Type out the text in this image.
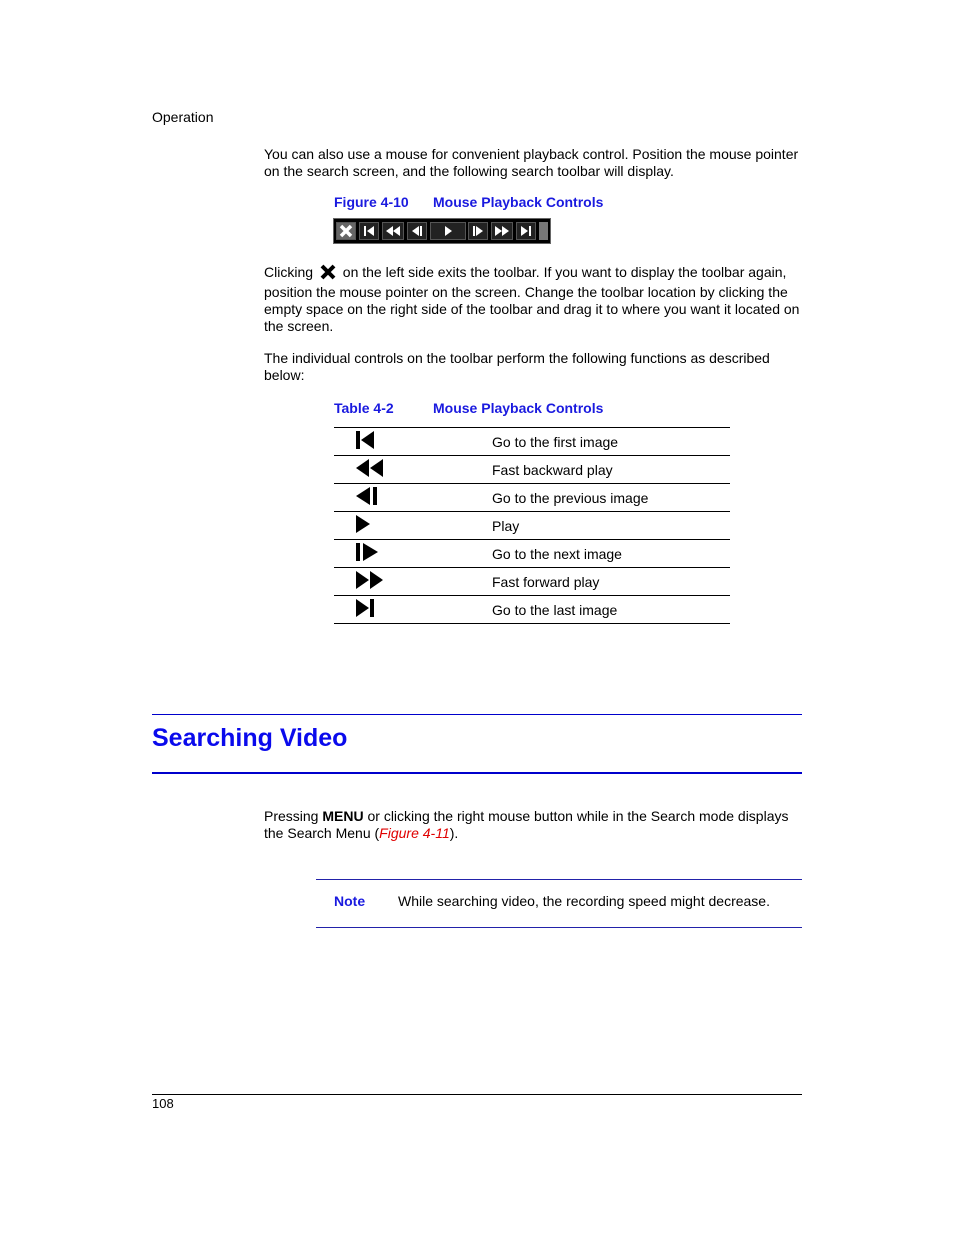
Operation
You can also use a mouse for convenient playback control. Position the mouse pointer
on the search screen, and the following search toolbar will display.
Figure 4-10 Mouse Playback Controls
Clicking on the left side exits the toolbar. If you want to display the toolbar again,
position the mouse pointer on the screen. Change the toolbar location by clicking the
empty space on the right side of the toolbar and drag it to where you want it located on
the screen.
The individual controls on the toolbar perform the following functions as described
below:
Table 4-2	Mouse Playback Controls
	Go to the first image
	Fast backward play
	Go to the previous image
	Play
	Go to the next image
	Fast forward play
	Go to the last image
Searching Video
Pressing MENU or clicking the right mouse button while in the Search mode displays
the Search Menu (Figure 4-11).
Note While searching video, the recording speed might decrease.
108
